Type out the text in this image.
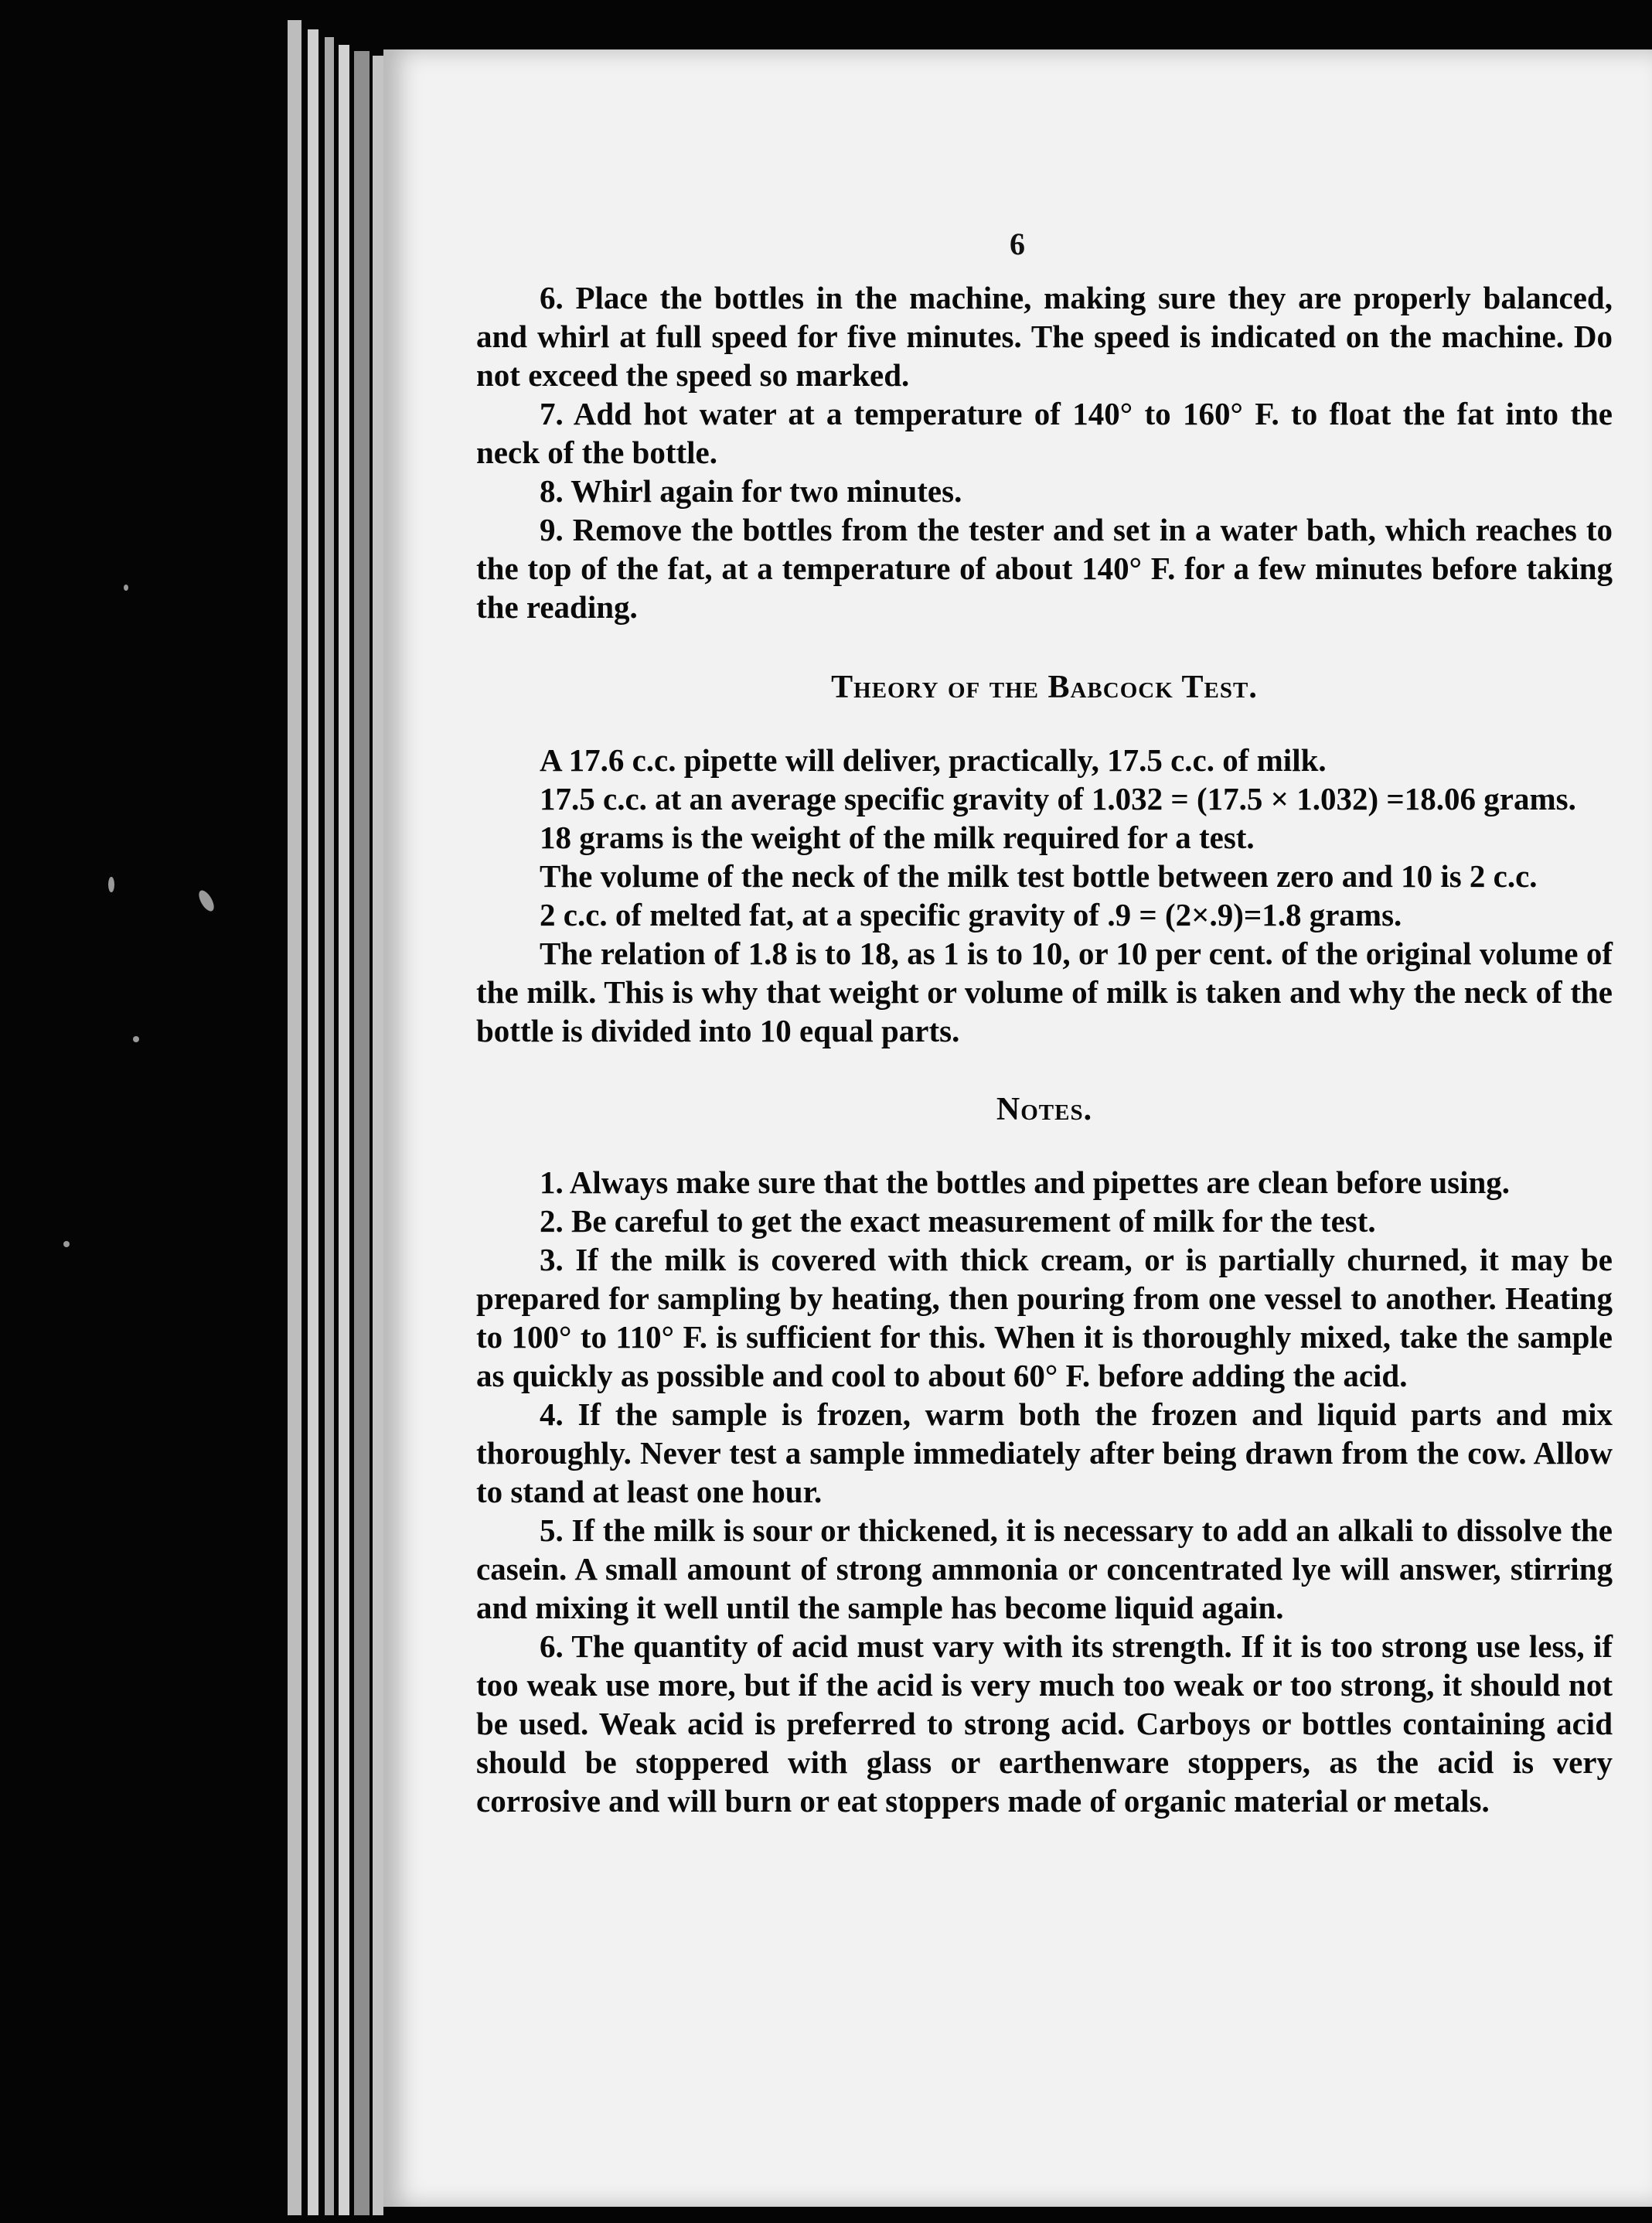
6

6. Place the bottles in the machine, making sure they are properly balanced, and whirl at full speed for five minutes. The speed is indicated on the machine. Do not exceed the speed so marked.

7. Add hot water at a temperature of 140° to 160° F. to float the fat into the neck of the bottle.

8. Whirl again for two minutes.

9. Remove the bottles from the tester and set in a water bath, which reaches to the top of the fat, at a temperature of about 140° F. for a few minutes before taking the reading.

Theory of the Babcock Test.

A 17.6 c.c. pipette will deliver, practically, 17.5 c.c. of milk.

17.5 c.c. at an average specific gravity of 1.032 = (17.5 × 1.032) =18.06 grams.

18 grams is the weight of the milk required for a test.

The volume of the neck of the milk test bottle between zero and 10 is 2 c.c.

2 c.c. of melted fat, at a specific gravity of .9 = (2×.9)=1.8 grams.

The relation of 1.8 is to 18, as 1 is to 10, or 10 per cent. of the original volume of the milk. This is why that weight or volume of milk is taken and why the neck of the bottle is divided into 10 equal parts.

Notes.

1. Always make sure that the bottles and pipettes are clean before using.

2. Be careful to get the exact measurement of milk for the test.

3. If the milk is covered with thick cream, or is partially churned, it may be prepared for sampling by heating, then pouring from one vessel to another. Heating to 100° to 110° F. is sufficient for this. When it is thoroughly mixed, take the sample as quickly as possible and cool to about 60° F. before adding the acid.

4. If the sample is frozen, warm both the frozen and liquid parts and mix thoroughly. Never test a sample immediately after being drawn from the cow. Allow to stand at least one hour.

5. If the milk is sour or thickened, it is necessary to add an alkali to dissolve the casein. A small amount of strong ammonia or concentrated lye will answer, stirring and mixing it well until the sample has become liquid again.

6. The quantity of acid must vary with its strength. If it is too strong use less, if too weak use more, but if the acid is very much too weak or too strong, it should not be used. Weak acid is preferred to strong acid. Carboys or bottles containing acid should be stoppered with glass or earthenware stoppers, as the acid is very corrosive and will burn or eat stoppers made of organic material or metals.
